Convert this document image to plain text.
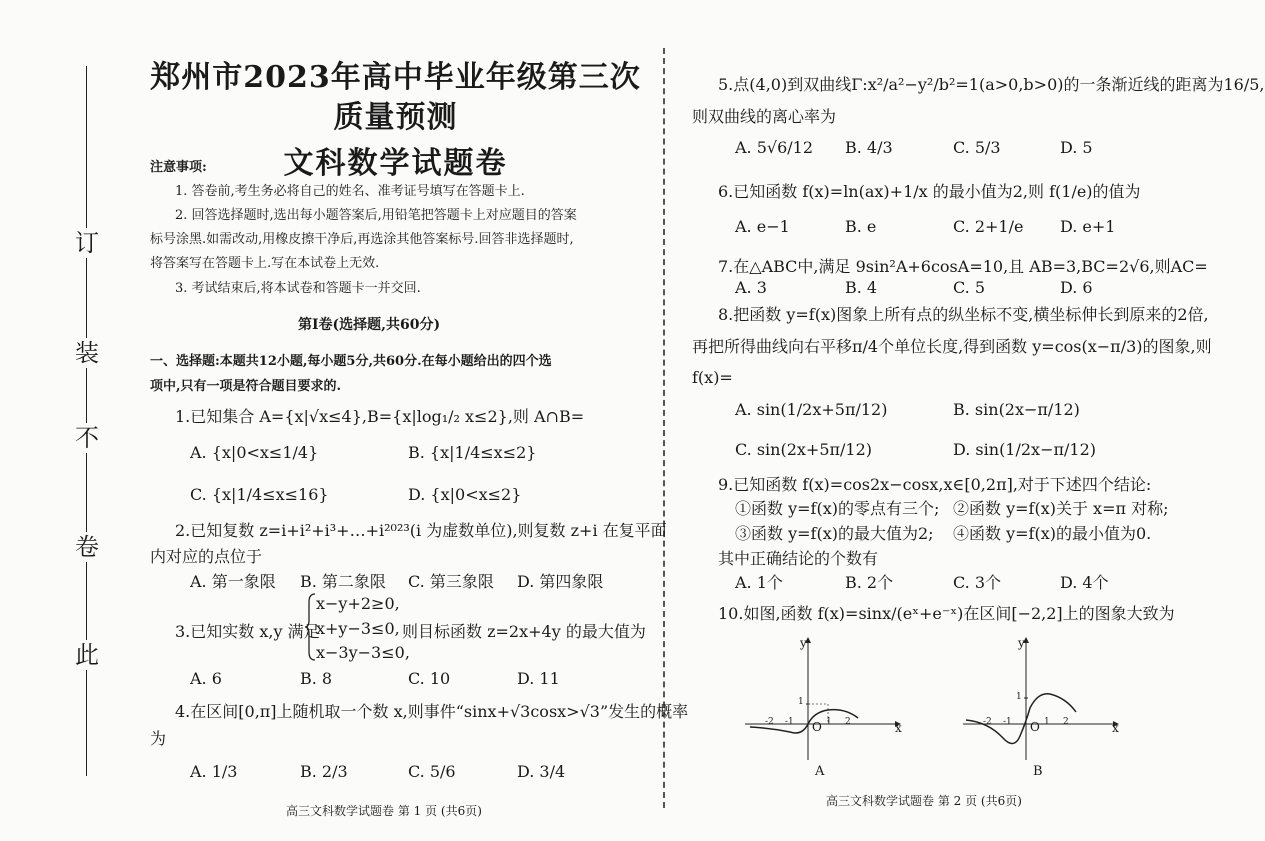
订
装
不
卷
此
郑州市2023年高中毕业年级第三次质量预测
文科数学试题卷
注意事项:
1. 答卷前,考生务必将自己的姓名、准考证号填写在答题卡上.
2. 回答选择题时,选出每小题答案后,用铅笔把答题卡上对应题目的答案
标号涂黑.如需改动,用橡皮擦干净后,再选涂其他答案标号.回答非选择题时,
将答案写在答题卡上.写在本试卷上无效.
3. 考试结束后,将本试卷和答题卡一并交回.
第Ⅰ卷(选择题,共60分)
一、选择题:本题共12小题,每小题5分,共60分.在每小题给出的四个选
项中,只有一项是符合题目要求的.
1.已知集合 A={x|√x≤4},B={x|log₁/₂ x≤2},则 A∩B=
A. {x|0<x≤1/4}	B. {x|1/4≤x≤2}
C. {x|1/4≤x≤16}	D. {x|0<x≤2}
2.已知复数 z=i+i²+i³+…+i²⁰²³(i 为虚数单位),则复数 z+i 在复平面
内对应的点位于
A. 第一象限 B. 第二象限 C. 第三象限 D. 第四象限
3.已知实数 x,y 满足
x−y+2≥0,
x+y−3≤0,
x−3y−3≤0,
则目标函数 z=2x+4y 的最大值为
A. 6	B. 8	C. 10	D. 11
4.在区间[0,π]上随机取一个数 x,则事件“sinx+√3cosx>√3”发生的概率
为
A. 1/3	B. 2/3	C. 5/6	D. 3/4
高三文科数学试题卷 第 1 页 (共6页)
5.点(4,0)到双曲线Γ:x²/a²−y²/b²=1(a>0,b>0)的一条渐近线的距离为16/5,
则双曲线的离心率为
A. 5√6/12 B. 4/3	C. 5/3	D. 5
6.已知函数 f(x)=ln(ax)+1/x 的最小值为2,则 f(1/e)的值为
A. e−1	B. e	C. 2+1/e D. e+1
7.在△ABC中,满足 9sin²A+6cosA=10,且 AB=3,BC=2√6,则AC=
A. 3	B. 4	C. 5	D. 6
8.把函数 y=f(x)图象上所有点的纵坐标不变,横坐标伸长到原来的2倍,
再把所得曲线向右平移π/4个单位长度,得到函数 y=cos(x−π/3)的图象,则
f(x)=
A. sin(1/2x+5π/12)	B. sin(2x−π/12)
C. sin(2x+5π/12)	D. sin(1/2x−π/12)
9.已知函数 f(x)=cos2x−cosx,x∈[0,2π],对于下述四个结论:
①函数 y=f(x)的零点有三个; ②函数 y=f(x)关于 x=π 对称;
③函数 y=f(x)的最大值为2; ④函数 y=f(x)的最小值为0.
其中正确结论的个数有
A. 1个	B. 2个	C. 3个	D. 4个
10.如图,函数 f(x)=sinx/(eˣ+e⁻ˣ)在区间[−2,2]上的图象大致为
y
x
O
1
-2 -1	1 2
A
y
x
O
1
-2 -1	1 2
B
高三文科数学试题卷 第 2 页 (共6页)
